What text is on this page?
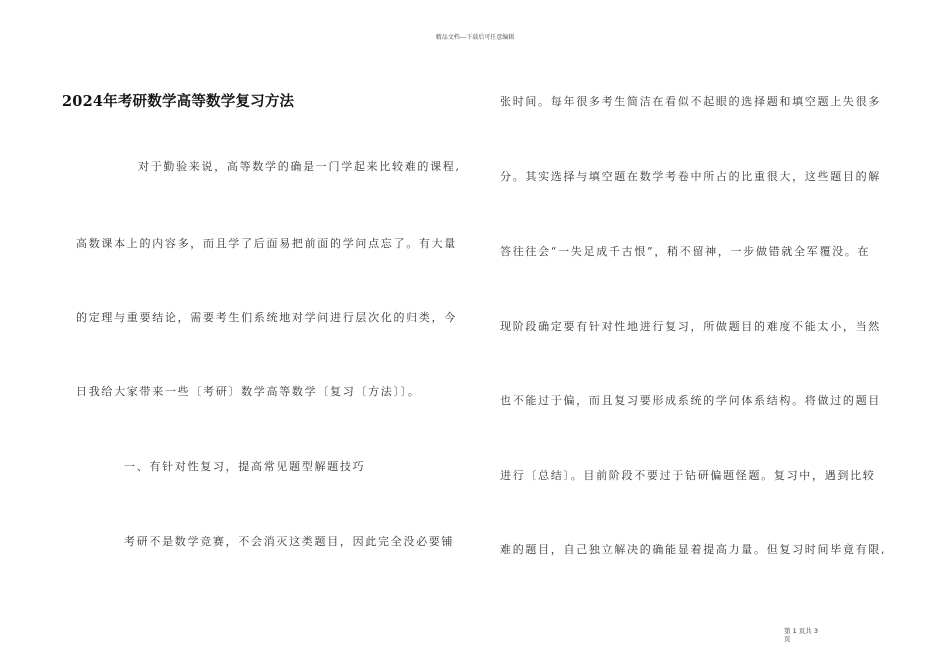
精品文档---下载后可任意编辑
2024年考研数学高等数学复习方法
对于勤验来说，高等数学的确是一门学起来比较难的课程,
高数课本上的内容多，而且学了后面易把前面的学问点忘了。有大量
的定理与重要结论，需要考生们系统地对学问进行层次化的归类，今
日我给大家带来一些〔考研〕数学高等数学〔复习〔方法〕〕。
一、有针对性复习，提高常见题型解题技巧
考研不是数学竞赛，不会消灭这类题目，因此完全没必要铺
张时间。每年很多考生简洁在看似不起眼的选择题和填空题上失很多
分。其实选择与填空题在数学考卷中所占的比重很大，这些题目的解
答往往会“一失足成千古恨”，稍不留神，一步做错就全军覆没。在
现阶段确定要有针对性地进行复习，所做题目的难度不能太小，当然
也不能过于偏，而且复习要形成系统的学问体系结构。将做过的题目
进行〔总结〕。目前阶段不要过于钻研偏题怪题。复习中，遇到比较
难的题目，自己独立解决的确能显着提高力量。但复习时间毕竟有限,
第 1 页共 3
页
